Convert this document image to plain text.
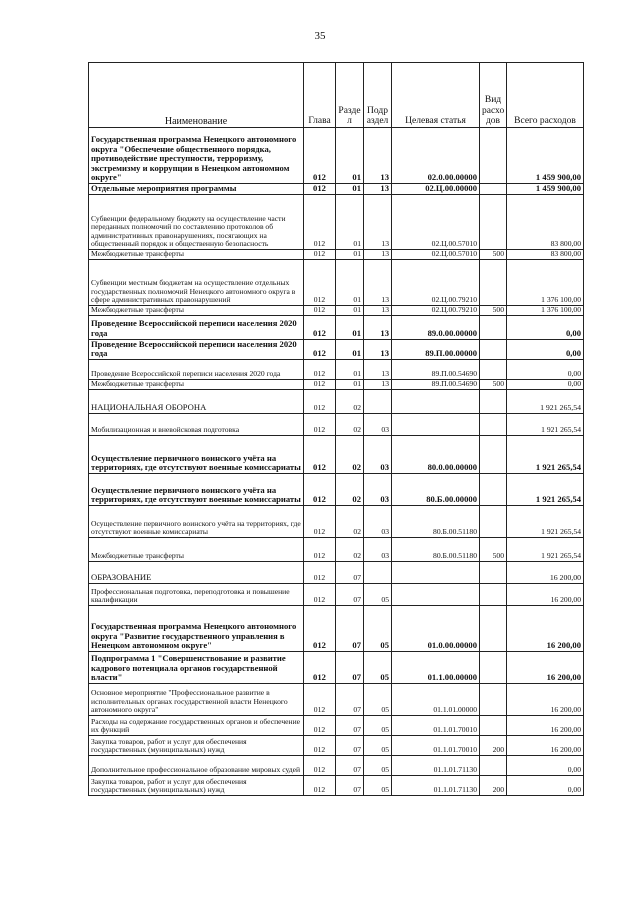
35
Наименование	Глава	Разде л	Подр аздел	Целевая статья	Вид расхо дов	Всего расходов
Государственная программа Ненецкого автономного округа "Обеспечение общественного порядка, противодействие преступности, терроризму, экстремизму и коррупции в Ненецком автономном округе"	012	01	13	02.0.00.00000		1 459 900,00
Отдельные мероприятия программы	012	01	13	02.Ц.00.00000		1 459 900,00
Субвенции федеральному бюджету на осуществление части переданных полномочий по составлению протоколов об административных правонарушениях, посягающих на общественный порядок и общественную безопасность	012	01	13	02.Ц.00.57010		83 800,00
Межбюджетные трансферты	012	01	13	02.Ц.00.57010	500	83 800,00
Субвенции местным бюджетам на осуществление отдельных государственных полномочий Ненецкого автономного округа в сфере административных правонарушений	012	01	13	02.Ц.00.79210		1 376 100,00
Межбюджетные трансферты	012	01	13	02.Ц.00.79210	500	1 376 100,00
Проведение Всероссийской переписи населения 2020 года	012	01	13	89.0.00.00000		0,00
Проведение Всероссийской переписи населения 2020 года	012	01	13	89.П.00.00000		0,00
Проведение Всероссийской переписи населения 2020 года	012	01	13	89.П.00.54690		0,00
Межбюджетные трансферты	012	01	13	89.П.00.54690	500	0,00
НАЦИОНАЛЬНАЯ ОБОРОНА	012	02				1 921 265,54
Мобилизационная и вневойсковая подготовка	012	02	03			1 921 265,54
Осуществление первичного воинского учёта на территориях, где отсутствуют военные комиссариаты	012	02	03	80.0.00.00000		1 921 265,54
Осуществление первичного воинского учёта на территориях, где отсутствуют военные комиссариаты	012	02	03	80.Б.00.00000		1 921 265,54
Осуществление первичного воинского учёта на территориях, где отсутствуют военные комиссариаты	012	02	03	80.Б.00.51180		1 921 265,54
Межбюджетные трансферты	012	02	03	80.Б.00.51180	500	1 921 265,54
ОБРАЗОВАНИЕ	012	07				16 200,00
Профессиональная подготовка, переподготовка и повышение квалификации	012	07	05			16 200,00
Государственная программа Ненецкого автономного округа "Развитие государственного управления в Ненецком автономном округе"	012	07	05	01.0.00.00000		16 200,00
Подпрограмма 1 "Совершенствование и развитие кадрового потенциала органов государственной власти"	012	07	05	01.1.00.00000		16 200,00
Основное мероприятие "Профессиональное развитие в исполнительных органах государственной власти Ненецкого автономного округа"	012	07	05	01.1.01.00000		16 200,00
Расходы на содержание государственных органов и обеспечение их функций	012	07	05	01.1.01.70010		16 200,00
Закупка товаров, работ и услуг для обеспечения государственных (муниципальных) нужд	012	07	05	01.1.01.70010	200	16 200,00
Дополнительное профессиональное образование мировых судей	012	07	05	01.1.01.71130		0,00
Закупка товаров, работ и услуг для обеспечения государственных (муниципальных) нужд	012	07	05	01.1.01.71130	200	0,00
